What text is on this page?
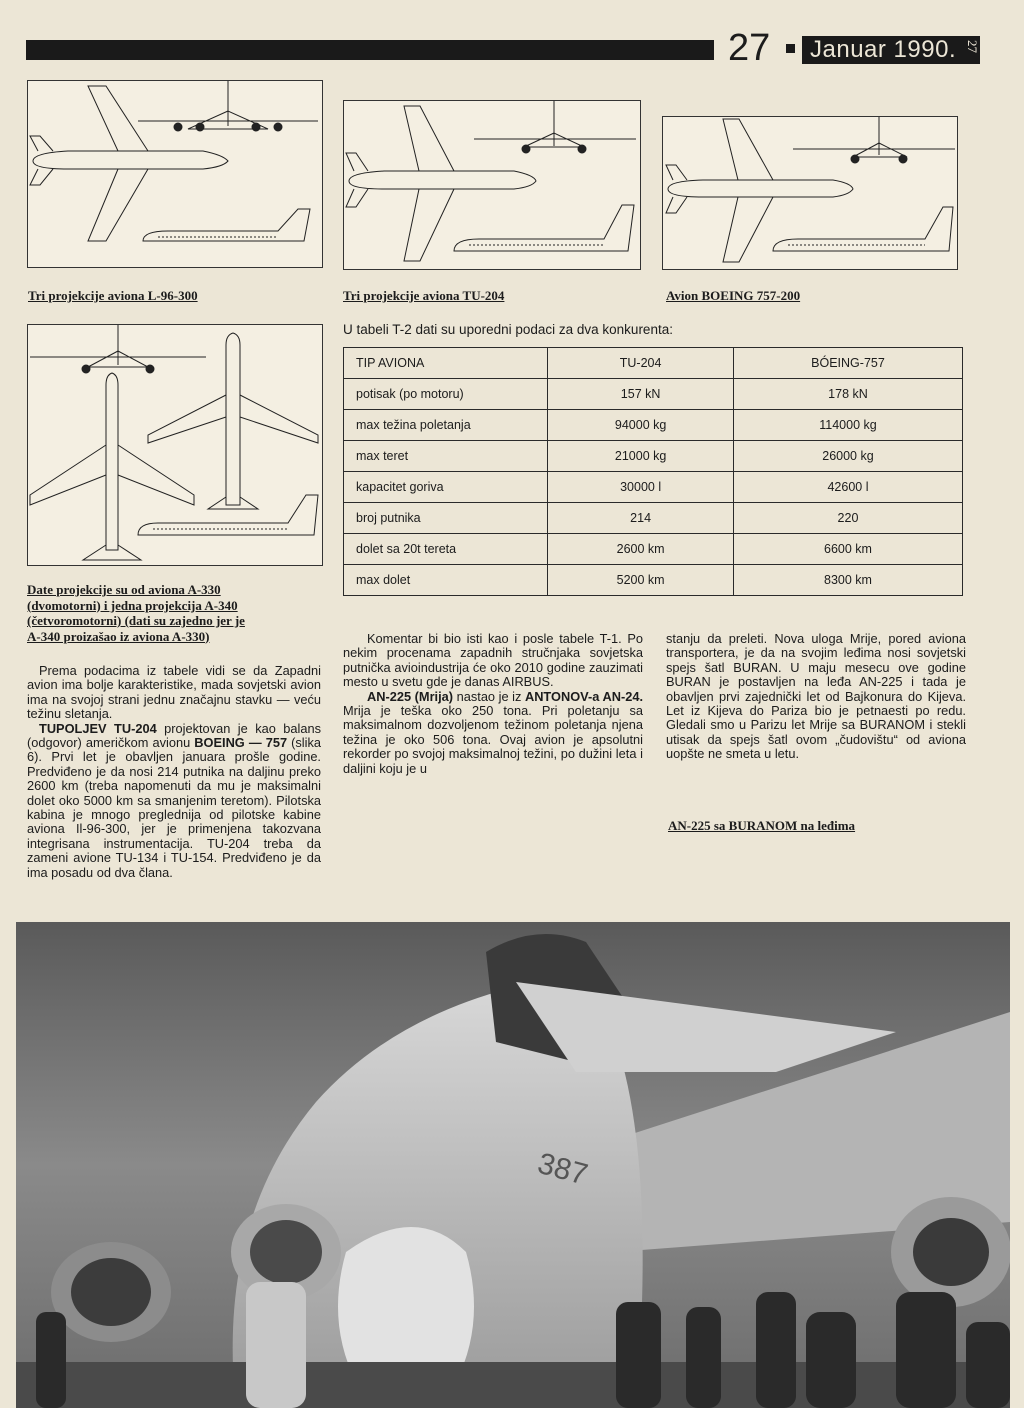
27 Januar 1990. 27
Tri projekcije aviona L-96-300	Tri projekcije aviona TU-204	Avion BOEING 757-200
Date projekcije su od aviona A-330
(dvomotorni) i jedna projekcija A-340
(četvoromotorni) (dati su zajedno jer je
A-340 proizašao iz aviona A-330)
U tabeli T-2 dati su uporedni podaci za dva konkurenta:
TIP AVIONA	TU-204	BÓEING-757
potisak (po motoru)	157 kN	178 kN
max težina poletanja	94000 kg	114000 kg
max teret	21000 kg	26000 kg
kapacitet goriva	30000 l	42600 l
broj putnika	214	220
dolet sa 20t tereta	2600 km	6600 km
max dolet	5200 km	8300 km

Prema podacima iz tabele vidi se da Zapadni avion ima bolje karakteristike, mada sovjetski avion ima na svojoj strani jednu značajnu stavku — veću težinu sletanja.

TUPOLJEV TU-204 projektovan je kao balans (odgovor) američkom avionu BOEING — 757 (slika 6). Prvi let je obavljen januara prošle godine. Predviđeno je da nosi 214 putnika na daljinu preko 2600 km (treba napomenuti da mu je maksimalni dolet oko 5000 km sa smanjenim teretom). Pilotska kabina je mnogo preglednija od pilotske kabine aviona Il-96-300, jer je primenjena takozvana integrisana instrumentacija. TU-204 treba da zameni avione TU-134 i TU-154. Predviđeno je da ima posadu od dva člana.

Komentar bi bio isti kao i posle tabele T-1. Po nekim procenama zapadnih stručnjaka sovjetska putnička avioindustrija će oko 2010 godine zauzimati mesto u svetu gde je danas AIRBUS.

AN-225 (Mrija) nastao je iz ANTONOV-a AN-24. Mrija je teška oko 250 tona. Pri poletanju sa maksimalnom dozvoljenom težinom poletanja njena težina je oko 506 tona. Ovaj avion je apsolutni rekorder po svojoj maksimalnoj težini, po dužini leta i daljini koju je u

stanju da preleti. Nova uloga Mrije, pored aviona transportera, je da na svojim leđima nosi sovjetski spejs šatl BURAN. U maju mesecu ove godine BURAN je postavljen na leđa AN-225 i tada je obavljen prvi zajednički let od Bajkonura do Kijeva. Let iz Kijeva do Pariza bio je petnaesti po redu. Gledali smo u Parizu let Mrije sa BURANOM i stekli utisak da spejs šatl ovom „čudovištu“ od aviona uopšte ne smeta u letu.

AN-225 sa BURANOM na leđima
387
